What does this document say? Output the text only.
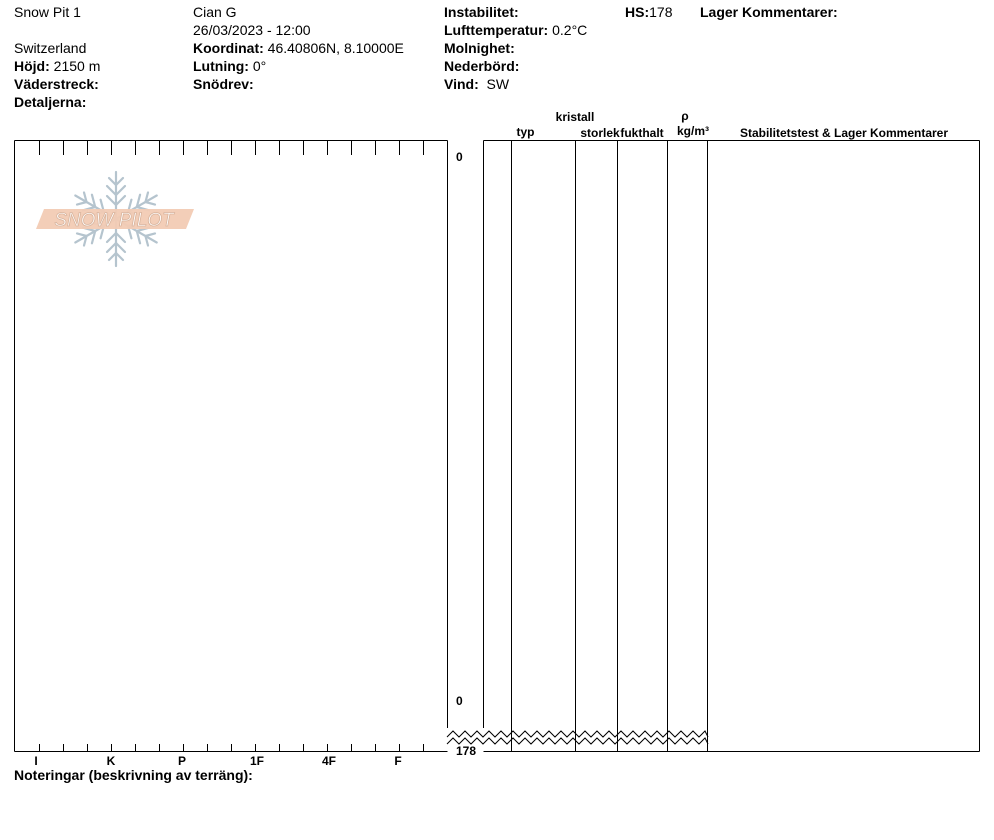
Snow Pit 1	Cian G
26/03/2023 - 12:00
Switzerland
Höjd: 2150 m
Väderstreck:
Detaljerna:
Koordinat: 46.40806N, 8.10000E
Lutning: 0°
Snödrev:
Instabilitet:
Lufttemperatur: 0.2°C
Molnighet:
Nederbörd:
Vind: SW
HS:178 Lager Kommentarer:
typ
kristall
storlek fukthalt
ρ
kg/m³	Stabilitetstest & Lager Kommentarer
I	K	P	1F	4F	F
0
0
178
SNOW PILOT
Noteringar (beskrivning av terräng):
